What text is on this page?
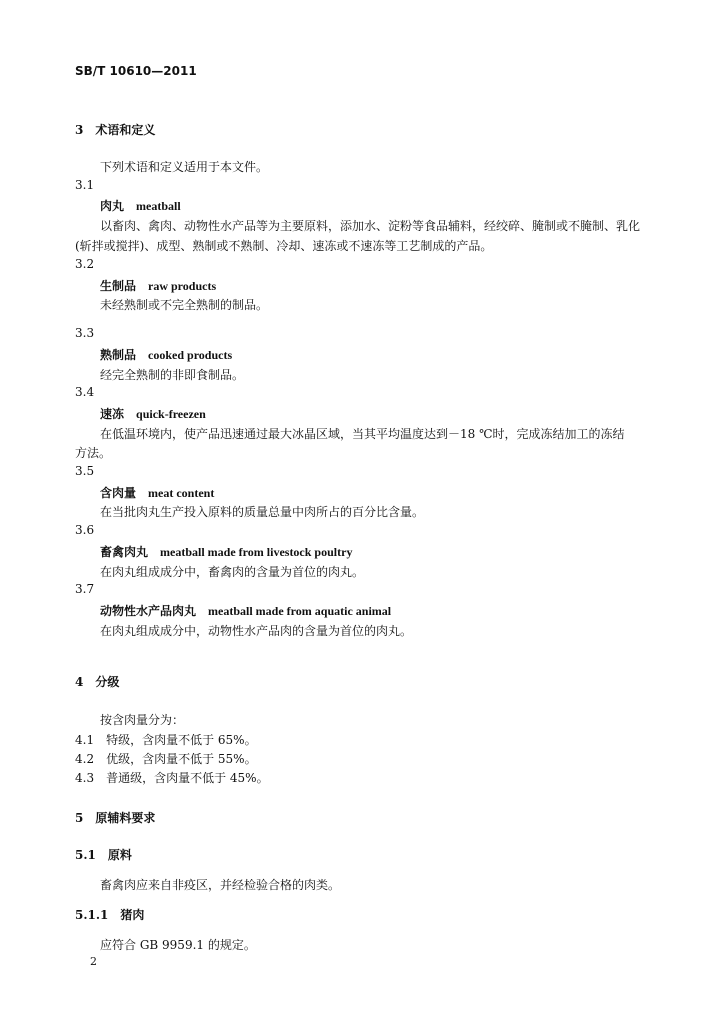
SB/T 10610—2011
3 术语和定义
下列术语和定义适用于本文件。
3.1
肉丸 meatball
以畜肉、禽肉、动物性水产品等为主要原料，添加水、淀粉等食品辅料，经绞碎、腌制或不腌制、乳化
(斩拌或搅拌)、成型、熟制或不熟制、冷却、速冻或不速冻等工艺制成的产品。
3.2
生制品 raw products
未经熟制或不完全熟制的制品。
3.3
熟制品 cooked products
经完全熟制的非即食制品。
3.4
速冻 quick-freezen
在低温环境内，使产品迅速通过最大冰晶区域，当其平均温度达到－18 ℃时，完成冻结加工的冻结
方法。
3.5
含肉量 meat content
在当批肉丸生产投入原料的质量总量中肉所占的百分比含量。
3.6
畜禽肉丸 meatball made from livestock poultry
在肉丸组成成分中，畜禽肉的含量为首位的肉丸。
3.7
动物性水产品肉丸 meatball made from aquatic animal
在肉丸组成成分中，动物性水产品肉的含量为首位的肉丸。
4 分级
按含肉量分为：
4.1 特级，含肉量不低于 65%。
4.2 优级，含肉量不低于 55%。
4.3 普通级，含肉量不低于 45%。
5 原辅料要求
5.1 原料
畜禽肉应来自非疫区，并经检验合格的肉类。
5.1.1 猪肉
应符合 GB 9959.1 的规定。
2
